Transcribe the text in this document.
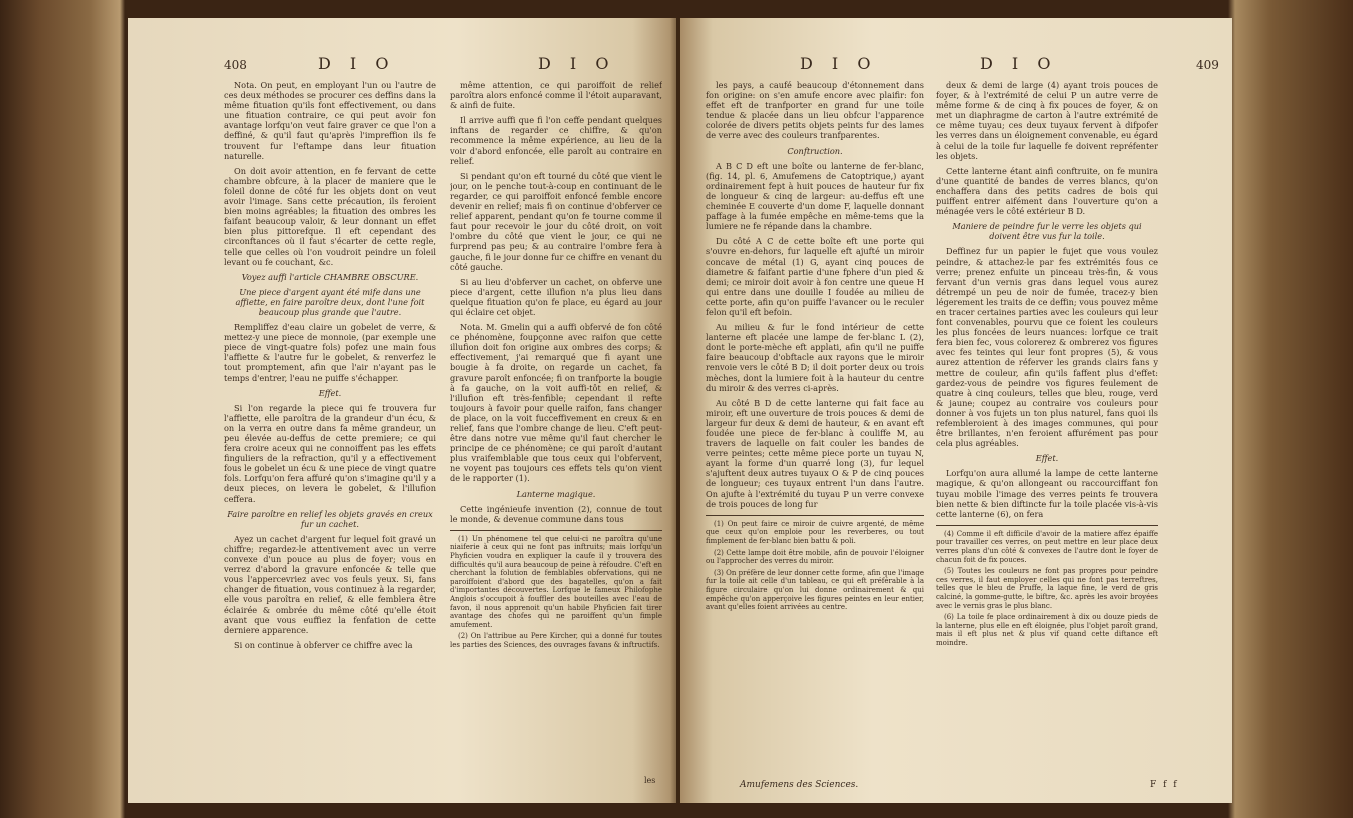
408	D I O	D I O

Nota. On peut, en employant l'un ou l'autre de ces deux méthodes se procurer ces deffins dans la même fituation qu'ils font effectivement, ou dans une fituation contraire, ce qui peut avoir fon avantage lorfqu'on veut faire graver ce que l'on a deffiné, & qu'il faut qu'après l'impreffion ils fe trouvent fur l'eftampe dans leur fituation naturelle.

On doit avoir attention, en fe fervant de cette chambre obfcure, à la placer de maniere que le foleil donne de côté fur les objets dont on veut avoir l'image. Sans cette précaution, ils feroient bien moins agréables; la fituation des ombres les faifant beaucoup valoir, & leur donnant un effet bien plus pittorefque. Il eft cependant des circonftances où il faut s'écarter de cette regle, telle que celles où l'on voudroit peindre un foleil levant ou fe couchant, &c.

Voyez auffi l'article CHAMBRE OBSCURE.

Une piece d'argent ayant été mife dans une affiette, en faire paroître deux, dont l'une foit beaucoup plus grande que l'autre.

Rempliffez d'eau claire un gobelet de verre, & mettez-y une piece de monnoie, (par exemple une piece de vingt-quatre fols) pofez une main fous l'affiette & l'autre fur le gobelet, & renverfez le tout promptement, afin que l'air n'ayant pas le temps d'entrer, l'eau ne puiffe s'échapper.

Effet.

Si l'on regarde la piece qui fe trouvera fur l'affiette, elle paroîtra de la grandeur d'un écu, & on la verra en outre dans fa même grandeur, un peu élevée au-deffus de cette premiere; ce qui fera croire aceux qui ne connoiffent pas les effets finguliers de la refraction, qu'il y a effectivement fous le gobelet un écu & une piece de vingt quatre fols. Lorfqu'on fera affuré qu'on s'imagine qu'il y a deux pieces, on levera le gobelet, & l'illufion ceffera.

Faire paroître en relief les objets gravés en creux fur un cachet.

Ayez un cachet d'argent fur lequel foit gravé un chiffre; regardez-le attentivement avec un verre convexe d'un pouce au plus de foyer; vous en verrez d'abord la gravure enfoncée & telle que vous l'appercevriez avec vos feuls yeux. Si, fans changer de fituation, vous continuez à la regarder, elle vous paroîtra en relief, & elle femblera être éclairée & ombrée du même côté qu'elle étoit avant que vous euffiez la fenfation de cette derniere apparence.

Si on continue à obferver ce chiffre avec la

même attention, ce qui paroiffoit de relief paroîtra alors enfoncé comme il l'étoit auparavant, & ainfi de fuite.

Il arrive auffi que fi l'on ceffe pendant quelques inftans de regarder ce chiffre, & qu'on recommence la même expérience, au lieu de la voir d'abord enfoncée, elle paroît au contraire en relief.

Si pendant qu'on eft tourné du côté que vient le jour, on le penche tout-à-coup en continuant de le regarder, ce qui paroiffoit enfoncé femble encore devenir en relief; mais fi on continue d'obferver ce relief apparent, pendant qu'on fe tourne comme il faut pour recevoir le jour du côté droit, on voit l'ombre du côté que vient le jour, ce qui ne furprend pas peu; & au contraire l'ombre fera à gauche, fi le jour donne fur ce chiffre en venant du côté gauche.

Si au lieu d'obferver un cachet, on obferve une piece d'argent, cette illufion n'a plus lieu dans quelque fituation qu'on fe place, eu égard au jour qui éclaire cet objet.

Nota. M. Gmelin qui a auffi obfervé de fon côté ce phénomène, foupçonne avec raifon que cette illufion doit fon origine aux ombres des corps; & effectivement, j'ai remarqué que fi ayant une bougie à fa droite, on regarde un cachet, fa gravure paroît enfoncée; fi on tranfporte la bougie à fa gauche, on la voit auffi-tôt en relief, & l'illufion eft très-fenfible; cependant il refte toujours à favoir pour quelle raifon, fans changer de place, on la voit fucceffivement en creux & en relief, fans que l'ombre change de lieu. C'eft peut-être dans notre vue même qu'il faut chercher le principe de ce phénomène; ce qui paroît d'autant plus vraifemblable que tous ceux qui l'obfervent, ne voyent pas toujours ces effets tels qu'on vient de le rapporter (1).

Lanterne magique.

Cette ingénieufe invention (2), connue de tout le monde, & devenue commune dans tous

(1) Un phénomene tel que celui-ci ne paroîtra qu'une niaiferie à ceux qui ne font pas inftruits; mais lorfqu'un Phyficien voudra en expliquer la caufe il y trouvera des difficultés qu'il aura beaucoup de peine à réfoudre. C'eft en cherchant la folution de femblables obfervations, qui ne paroiffoient d'abord que des bagatelles, qu'on a fait d'importantes découvertes. Lorfque le fameux Philofophe Anglois s'occupoit à fouffler des bouteilles avec l'eau de favon, il nous apprenoit qu'un habile Phyficien fait tirer avantage des chofes qui ne paroiffent qu'un fimple amufement.

(2) On l'attribue au Pere Kircher, qui a donné fur toutes les parties des Sciences, des ouvrages favans & inftructifs.

les
D I O	D I O	409

les pays, a caufé beaucoup d'étonnement dans fon origine: on s'en amufe encore avec plaifir: fon effet eft de tranfporter en grand fur une toile tendue & placée dans un lieu obfcur l'apparence colorée de divers petits objets peints fur des lames de verre avec des couleurs tranfparentes.

Conftruction.

A B C D eft une boîte ou lanterne de fer-blanc, (fig. 14, pl. 6, Amufemens de Catoptrique,) ayant ordinairement fept à huit pouces de hauteur fur fix de longueur & cinq de largeur: au-deffus eft une cheminée E couverte d'un dome F, laquelle donnant paffage à la fumée empêche en même-tems que la lumiere ne fe répande dans la chambre.

Du côté A C de cette boîte eft une porte qui s'ouvre en-dehors, fur laquelle eft ajufté un miroir concave de métal (1) G, ayant cinq pouces de diametre & faifant partie d'une fphere d'un pied & demi; ce miroir doit avoir à fon centre une queue H qui entre dans une douille I foudée au milieu de cette porte, afin qu'on puiffe l'avancer ou le reculer felon qu'il eft befoin.

Au milieu & fur le fond intérieur de cette lanterne eft placée une lampe de fer-blanc L (2), dont le porte-mèche eft applati, afin qu'il ne puiffe faire beaucoup d'obftacle aux rayons que le miroir renvoie vers le côté B D; il doit porter deux ou trois mèches, dont la lumiere foit à la hauteur du centre du miroir & des verres ci-après.

Au côté B D de cette lanterne qui fait face au miroir, eft une ouverture de trois pouces & demi de largeur fur deux & demi de hauteur, & en avant eft foudée une piece de fer-blanc à couliffe M, au travers de laquelle on fait couler les bandes de verre peintes; cette même piece porte un tuyau N, ayant la forme d'un quarré long (3), fur lequel s'ajuftent deux autres tuyaux O & P de cinq pouces de longueur; ces tuyaux entrent l'un dans l'autre. On ajufte à l'extrémité du tuyau P un verre convexe de trois pouces de long fur

(1) On peut faire ce miroir de cuivre argenté, de même que ceux qu'on emploie pour les reverberes, ou tout fimplement de fer-blanc bien battu & poli.

(2) Cette lampe doit être mobile, afin de pouvoir l'éloigner ou l'approcher des verres du miroir.

(3) On préfère de leur donner cette forme, afin que l'image fur la toile ait celle d'un tableau, ce qui eft préférable à la figure circulaire qu'on lui donne ordinairement & qui empêche qu'on apperçoive les figures peintes en leur entier, avant qu'elles foient arrivées au centre.

deux & demi de large (4) ayant trois pouces de foyer, & à l'extrémité de celui P un autre verre de même forme & de cinq à fix pouces de foyer, & on met un diaphragme de carton à l'autre extrémité de ce même tuyau; ces deux tuyaux fervent à difpofer les verres dans un éloignement convenable, eu égard à celui de la toile fur laquelle fe doivent repréfenter les objets.

Cette lanterne étant ainfi conftruite, on fe munira d'une quantité de bandes de verres blancs, qu'on enchaffera dans des petits cadres de bois qui puiffent entrer aifément dans l'ouverture qu'on a ménagée vers le côté extérieur B D.

Maniere de peindre fur le verre les objets qui doivent être vus fur la toile.

Deffinez fur un papier le fujet que vous voulez peindre, & attachez-le par fes extrémités fous ce verre; prenez enfuite un pinceau très-fin, & vous fervant d'un vernis gras dans lequel vous aurez détrempé un peu de noir de fumée, tracez-y bien légerement les traits de ce deffin; vous pouvez même en tracer certaines parties avec les couleurs qui leur font convenables, pourvu que ce foient les couleurs les plus foncées de leurs nuances: lorfque ce trait fera bien fec, vous colorerez & ombrerez vos figures avec fes teintes qui leur font propres (5), & vous aurez attention de réferver les grands clairs fans y mettre de couleur, afin qu'ils faffent plus d'effet: gardez-vous de peindre vos figures feulement de quatre à cinq couleurs, telles que bleu, rouge, verd & jaune; coupez au contraire vos couleurs pour donner à vos fujets un ton plus naturel, fans quoi ils refembleroient à des images communes, qui pour être brillantes, n'en feroient affurément pas pour cela plus agréables.

Effet.

Lorfqu'on aura allumé la lampe de cette lanterne magique, & qu'on allongeant ou raccourciffant fon tuyau mobile l'image des verres peints fe trouvera bien nette & bien diftincte fur la toile placée vis-à-vis cette lanterne (6), on fera

(4) Comme il eft difficile d'avoir de la matiere affez épaiffe pour travailler ces verres, on peut mettre en leur place deux verres plans d'un côté & convexes de l'autre dont le foyer de chacun foit de fix pouces.

(5) Toutes les couleurs ne font pas propres pour peindre ces verres, il faut employer celles qui ne font pas terreftres, telles que le bleu de Pruffe, la laque fine, le verd de gris calciné, la gomme-gutte, le biftre, &c. après les avoir broyées avec le vernis gras le plus blanc.

(6) La toile fe place ordinairement à dix ou douze pieds de la lanterne, plus elle en eft éloignée, plus l'objet paroît grand, mais il eft plus net & plus vif quand cette diftance eft moindre.

Amufemens des Sciences.	F f f
